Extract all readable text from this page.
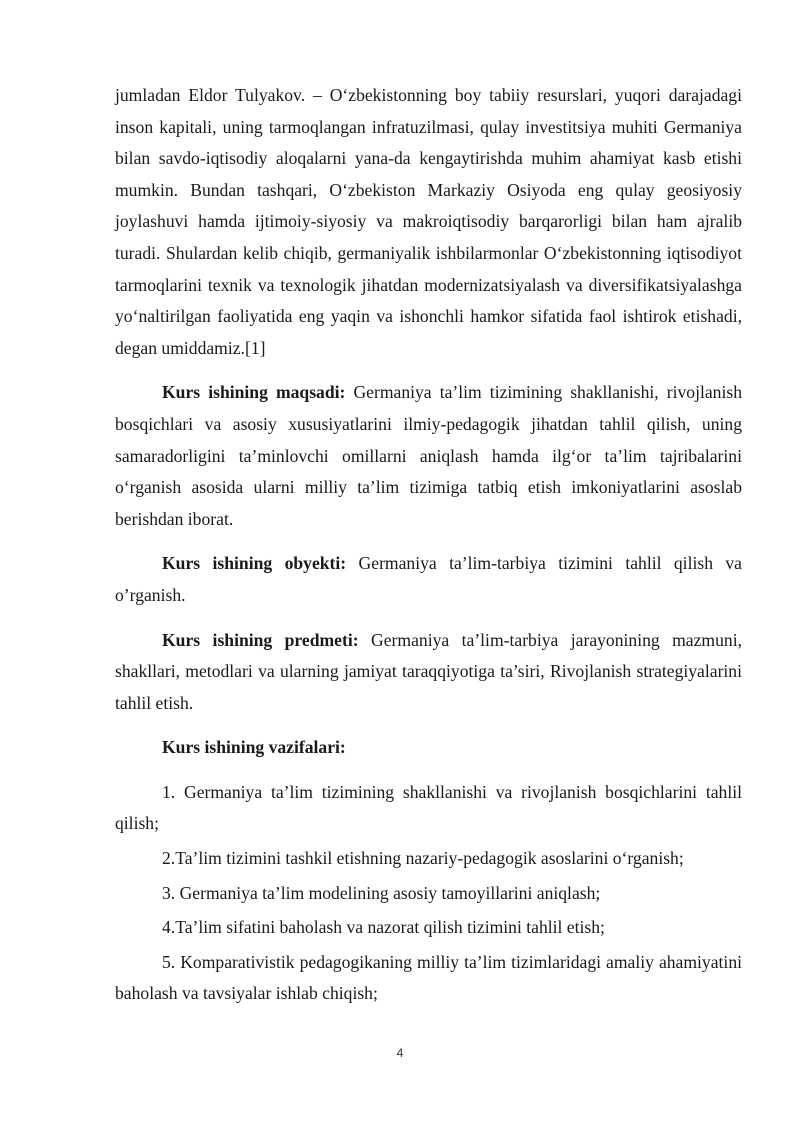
jumladan Eldor Tulyakov. – O‘zbekistonning boy tabiiy resurslari, yuqori darajadagi inson kapitali, uning tarmoqlangan infratuzilmasi, qulay investitsiya muhiti Germaniya bilan savdo-iqtisodiy aloqalarni yana-da kengaytirishda muhim ahamiyat kasb etishi mumkin. Bundan tashqari, O‘zbekiston Markaziy Osiyoda eng qulay geosiyosiy joylashuvi hamda ijtimoiy-siyosiy va makroiqtisodiy barqarorligi bilan ham ajralib turadi. Shulardan kelib chiqib, germaniyalik ishbilarmonlar O‘zbekistonning iqtisodiyot tarmoqlarini texnik va texnologik jihatdan modernizatsiyalash va diversifikatsiyalashga yo‘naltirilgan faoliyatida eng yaqin va ishonchli hamkor sifatida faol ishtirok etishadi, degan umiddamiz.[1]

Kurs ishining maqsadi: Germaniya ta’lim tizimining shakllanishi, rivojlanish bosqichlari va asosiy xususiyatlarini ilmiy-pedagogik jihatdan tahlil qilish, uning samaradorligini ta’minlovchi omillarni aniqlash hamda ilg‘or ta’lim tajribalarini o‘rganish asosida ularni milliy ta’lim tizimiga tatbiq etish imkoniyatlarini asoslab berishdan iborat.

Kurs ishining obyekti: Germaniya ta’lim-tarbiya tizimini tahlil qilish va o’rganish.

Kurs ishining predmeti: Germaniya ta’lim-tarbiya jarayonining mazmuni, shakllari, metodlari va ularning jamiyat taraqqiyotiga ta’siri, Rivojlanish strategiyalarini tahlil etish.

Kurs ishining vazifalari:

1. Germaniya ta’lim tizimining shakllanishi va rivojlanish bosqichlarini tahlil qilish;

2.Ta’lim tizimini tashkil etishning nazariy-pedagogik asoslarini o‘rganish;

3. Germaniya ta’lim modelining asosiy tamoyillarini aniqlash;

4.Ta’lim sifatini baholash va nazorat qilish tizimini tahlil etish;

5. Komparativistik pedagogikaning milliy ta’lim tizimlaridagi amaliy ahamiyatini baholash va tavsiyalar ishlab chiqish;

4
